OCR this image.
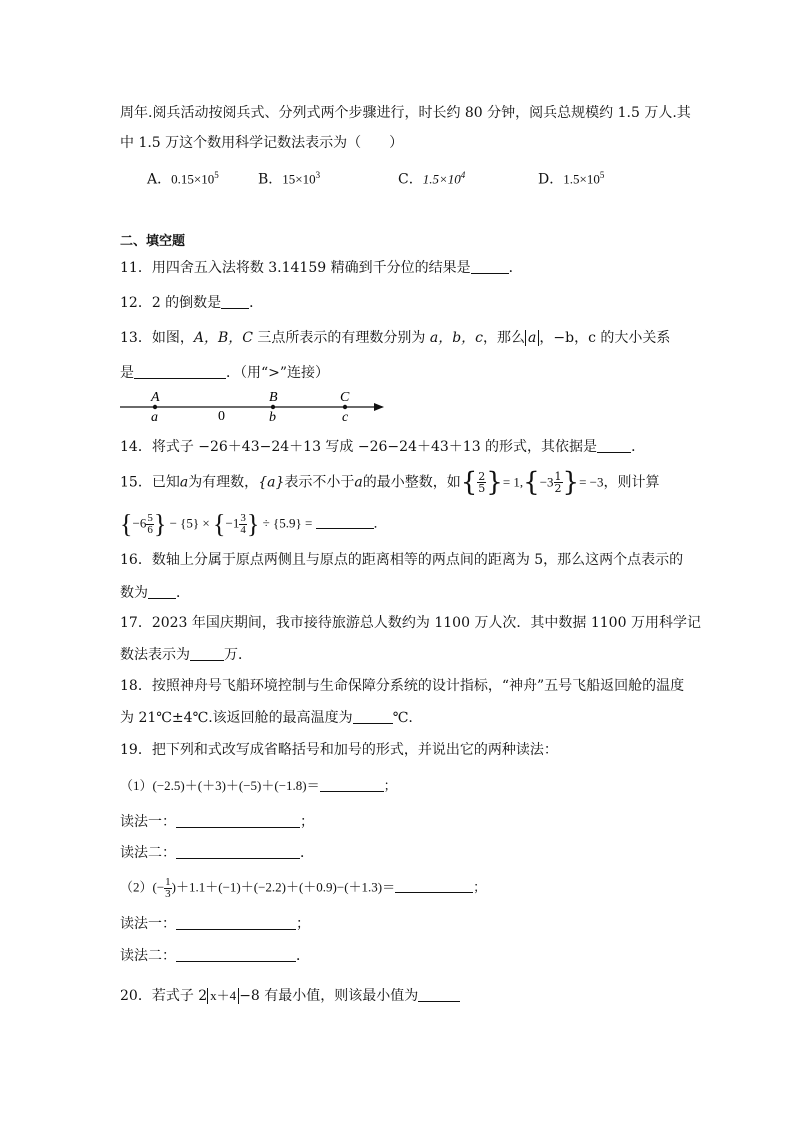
周年.阅兵活动按阅兵式、分列式两个步骤进行，时长约 80 分钟，阅兵总规模约 1.5 万人.其
中 1.5 万这个数用科学记数法表示为（　　）
A．$0.15\times 10^5$	B．$15\times 10^3$	C．$1.5\times 10^4$	D．$1.5\times 10^5$
二、填空题
11．用四舍五入法将数 3.14159 精确到千分位的结果是	．
12．2 的倒数是 ．
13．如图，A，B，C 三点所表示的有理数分别为 a，b，c，那么 a ，−b，c 的大小关系
是	．（用“>”连接）
A
a	0
B
b
C
c
14．将式子 −26＋43−24＋13 写成 −26−24＋43＋13 的形式，其依据是 ．
15．已知a为有理数，{a}表示不小于a的最小整数，如{ $\frac{2}{5}$ }= $1,\{-3 \frac{1}{2}$ }= −3，则计算
{$-6 \frac{5}{6}$ } − $\{5\} \times \{-1 \frac{3}{4}$ } ÷ {5.9} =	．
16．数轴上分属于原点两侧且与原点的距离相等的两点间的距离为 5，那么这两个点表示的
数为 ．
17．2023 年国庆期间，我市接待旅游总人数约为 1100 万人次．其中数据 1100 万用科学记
数法表示为 万．
18．按照神舟号飞船环境控制与生命保障分系统的设计指标，“神舟”五号飞船返回舱的温度
为 21℃±4℃.该返回舱的最高温度为	℃.
19．把下列和式改写成省略括号和加号的形式，并说出它的两种读法：
（1）(−2.5)＋(＋3)＋(−5)＋(−1.8)＝	；
读法一：	；
读法二：	．
$(2)(- \frac{1}{3} )+1.1+(-1)+(-2.2)+(+0.9)-(+1.3)=$	；
读法一：	；
读法二：	．
20．若式子 2 x＋4 −8 有最小值，则该最小值为
